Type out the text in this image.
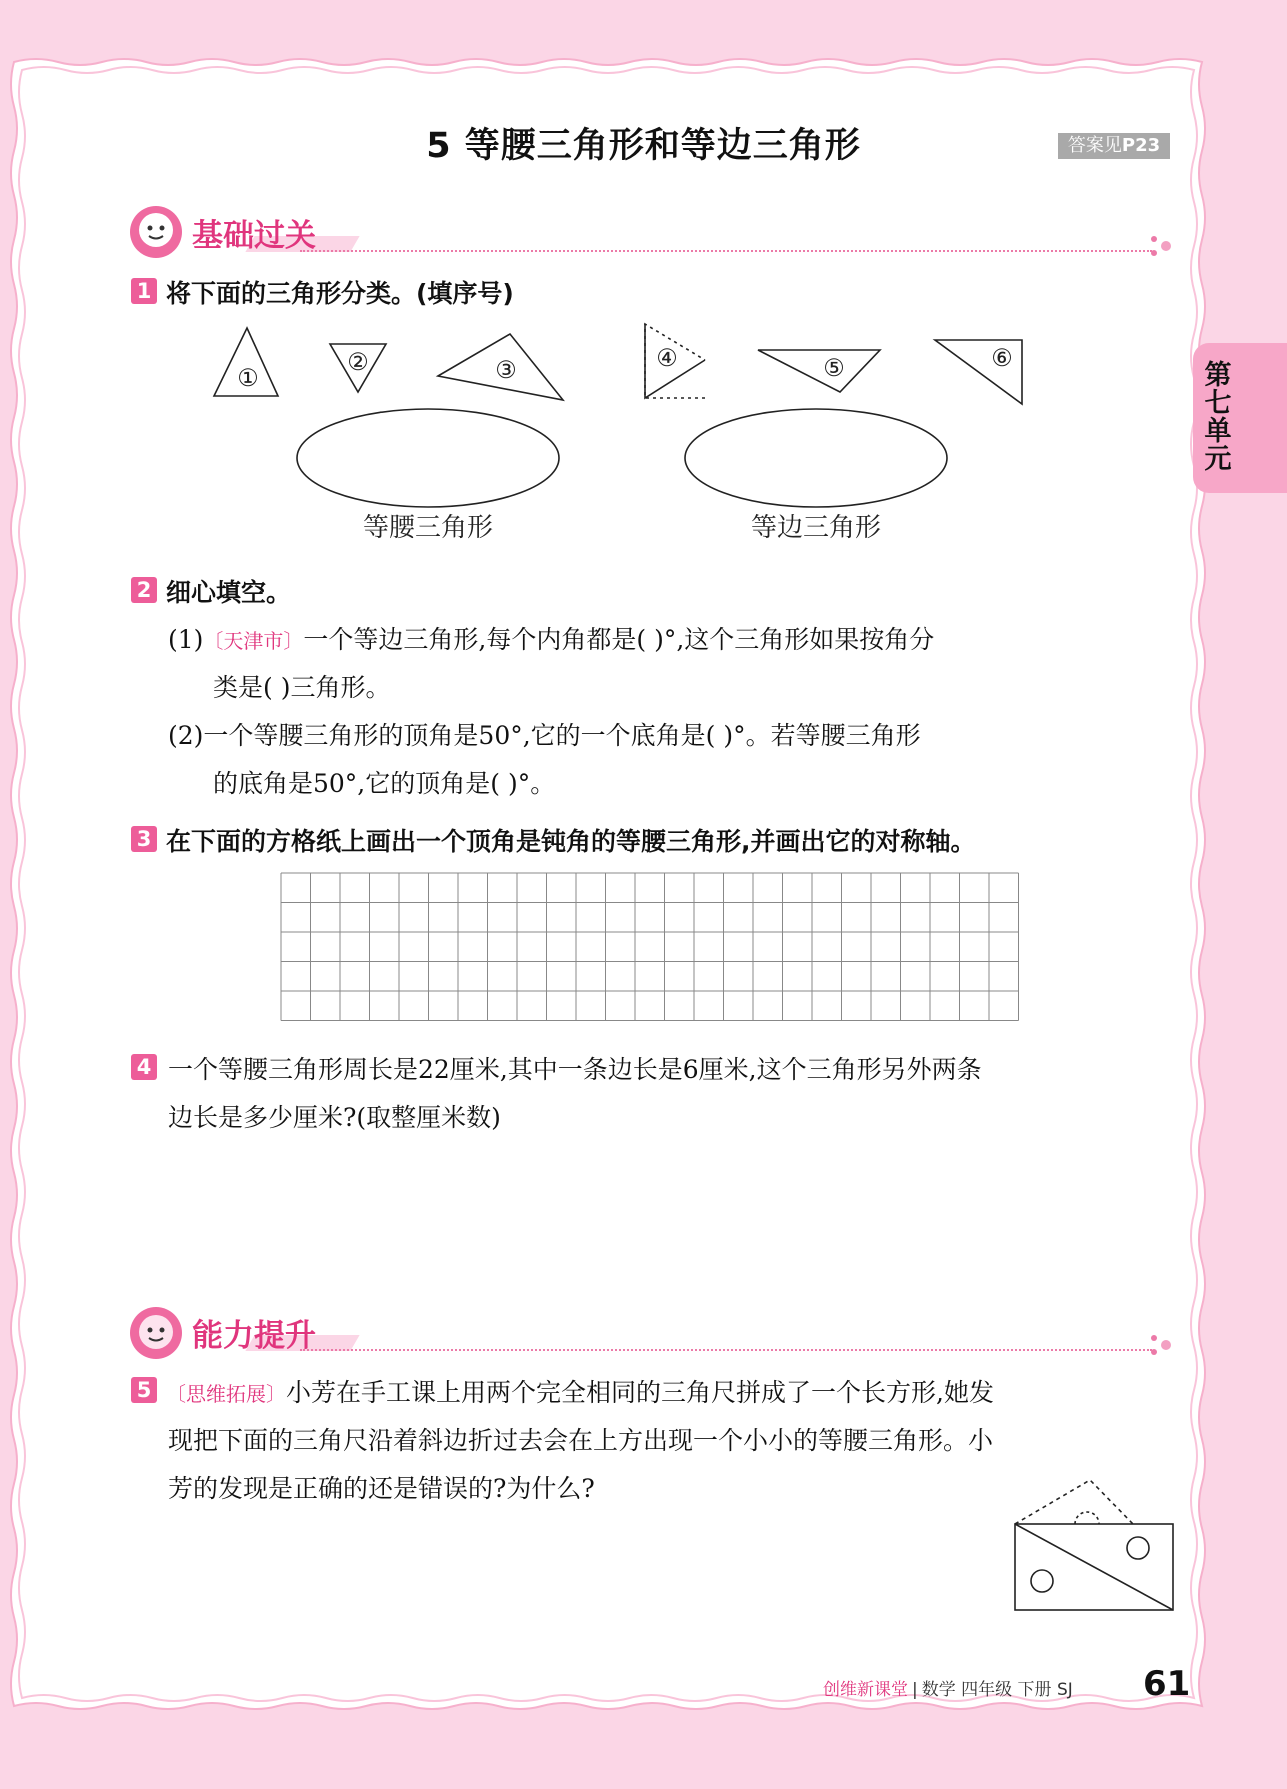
5 等腰三角形和等边三角形	答案见P23
第七单元
基础过关
1 将下面的三角形分类。(填序号)
①
②	③	④	⑤	⑥
等腰三角形	等边三角形
2 细心填空。
(1)〔天津市〕一个等边三角形,每个内角都是( )°,这个三角形如果按角分
类是( )三角形。
(2)一个等腰三角形的顶角是50°,它的一个底角是( )°。若等腰三角形
的底角是50°,它的顶角是( )°。
3 在下面的方格纸上画出一个顶角是钝角的等腰三角形,并画出它的对称轴。
4 一个等腰三角形周长是22厘米,其中一条边长是6厘米,这个三角形另外两条
边长是多少厘米?(取整厘米数)
能力提升
5 〔思维拓展〕小芳在手工课上用两个完全相同的三角尺拼成了一个长方形,她发
现把下面的三角尺沿着斜边折过去会在上方出现一个小小的等腰三角形。小
芳的发现是正确的还是错误的?为什么?
创维新课堂 | 数学 四年级 下册 SJ 61
